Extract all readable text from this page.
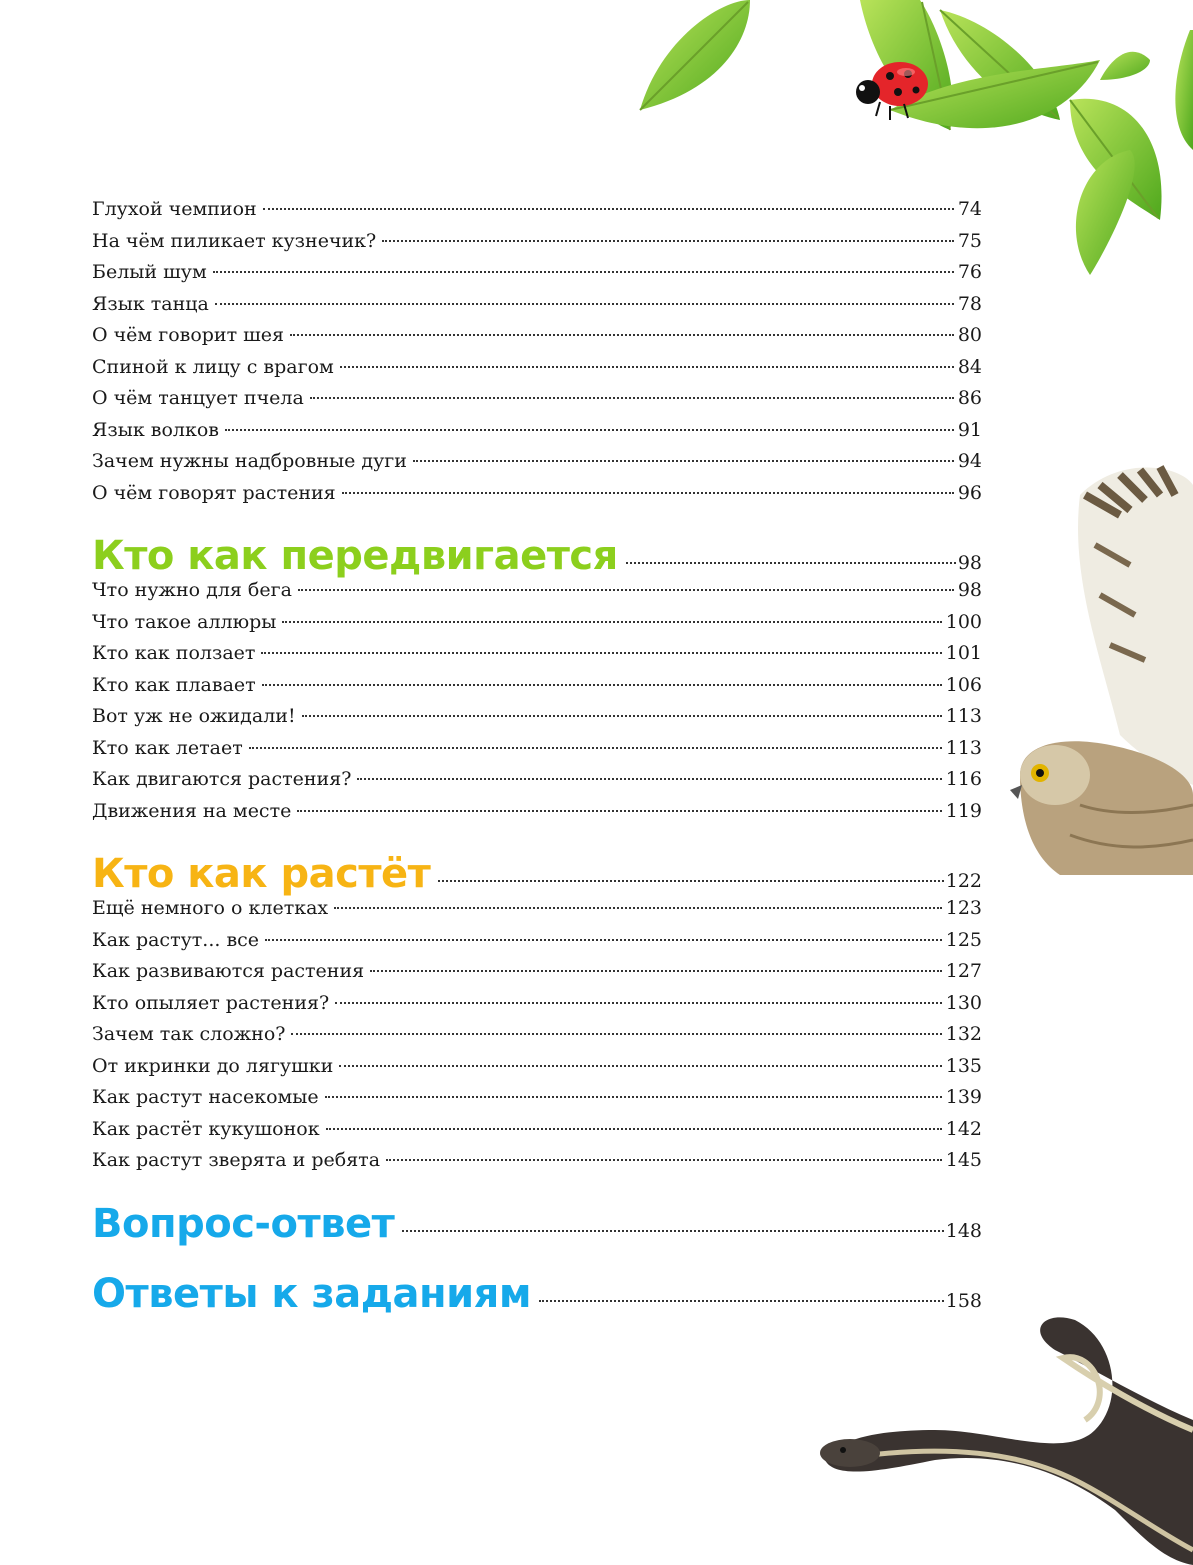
Глухой чемпион	74
На чём пиликает кузнечик?	75
Белый шум	76
Язык танца	78
О чём говорит шея	80
Спиной к лицу с врагом	84
О чём танцует пчела	86
Язык волков	91
Зачем нужны надбровные дуги	94
О чём говорят растения	96
Кто как передвигается	98
Что нужно для бега	98
Что такое аллюры	100
Кто как ползает	101
Кто как плавает	106
Вот уж не ожидали!	113
Кто как летает	113
Как двигаются растения?	116
Движения на месте	119
Кто как растёт	122
Ещё немного о клетках	123
Как растут... все	125
Как развиваются растения	127
Кто опыляет растения?	130
Зачем так сложно?	132
От икринки до лягушки	135
Как растут насекомые	139
Как растёт кукушонок	142
Как растут зверята и ребята	145
Вопрос-ответ	148
Ответы к заданиям	158
